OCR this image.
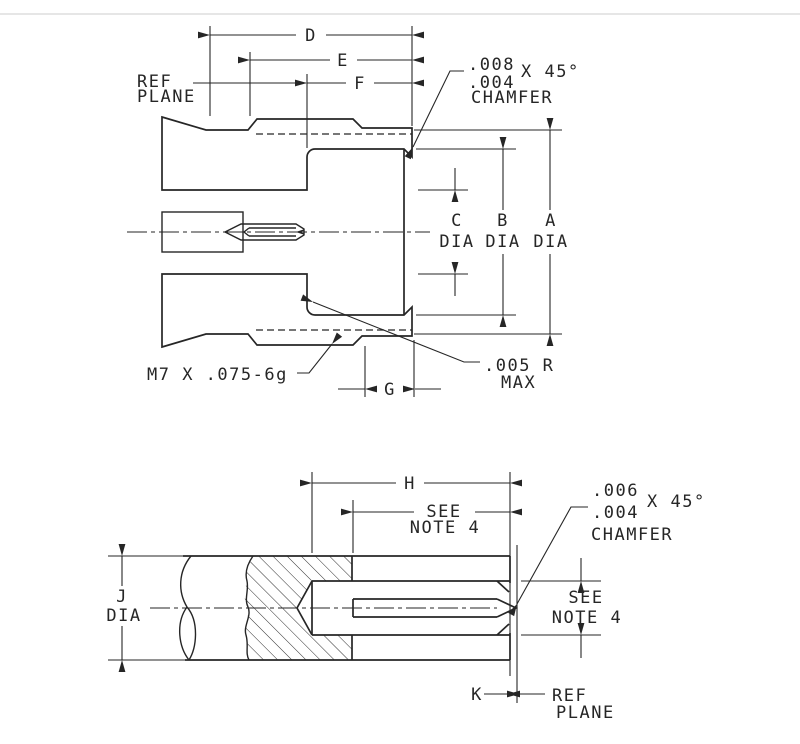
D
E
F
REF
PLANE
.008
.004
X 45°
CHAMFER
A
DIA
B
DIA
C
DIA
.005 R
MAX
M7 X .075-6g
G
H
SEE
NOTE 4
.006
.004
X 45°
CHAMFER
J
DIA
SEE
NOTE 4
K	REF
PLANE
